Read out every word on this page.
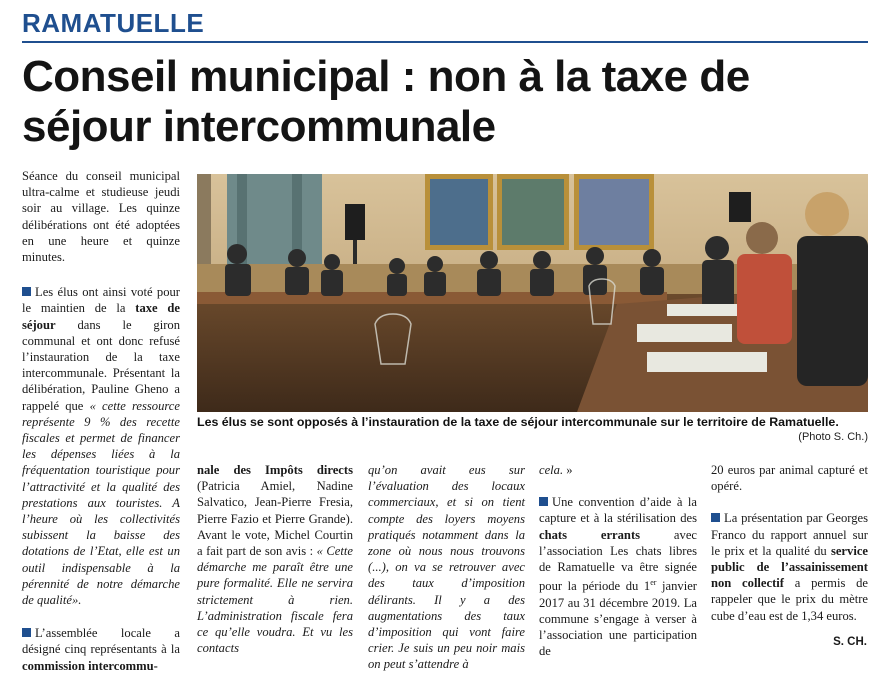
RAMATUELLE
Conseil municipal : non à la taxe de séjour intercommunale

Séance du conseil municipal ultra-calme et studieuse jeudi soir au village. Les quinze délibérations ont été adoptées en une heure et quinze minutes.

Les élus ont ainsi voté pour le maintien de la taxe de séjour dans le giron communal et ont donc refusé l’instauration de la taxe intercommunale. Présentant la délibération, Pauline Gheno a rappelé que « cette ressource représente 9 % des recette fiscales et permet de financer les dépenses liées à la fréquentation touristique pour l’attractivité et la qualité des prestations aux touristes. A l’heure où les collectivités subissent la baisse des dotations de l’Etat, elle est un outil indispensable à la pérennité de notre démarche de qualité».

L’assemblée locale a désigné cinq représentants à la commission intercommu-

Les élus se sont opposés à l’instauration de la taxe de séjour intercommunale sur le territoire de Ramatuelle.
(Photo S. Ch.)

nale des Impôts directs (Patricia Amiel, Nadine Salvatico, Jean-Pierre Fresia, Pierre Fazio et Pierre Grande). Avant le vote, Michel Courtin a fait part de son avis : « Cette démarche me paraît être une pure formalité. Elle ne servira strictement à rien. L’administration fiscale fera ce qu’elle voudra. Et vu les contacts

qu’on avait eus sur l’évaluation des locaux commerciaux, et si on tient compte des loyers moyens pratiqués notamment dans la zone où nous nous trouvons (...), on va se retrouver avec des taux d’imposition délirants. Il y a des augmentations des taux d’imposition qui vont faire crier. Je suis un peu noir mais on peut s’attendre à

cela. »

Une convention d’aide à la capture et à la stérilisation des chats errants avec l’association Les chats libres de Ramatuelle va être signée pour la période du 1er janvier 2017 au 31 décembre 2019. La commune s’engage à verser à l’association une participation de

20 euros par animal capturé et opéré.

La présentation par Georges Franco du rapport annuel sur le prix et la qualité du service public de l’assainissement non collectif a permis de rappeler que le prix du mètre cube d’eau est de 1,34 euros.

S. CH.
